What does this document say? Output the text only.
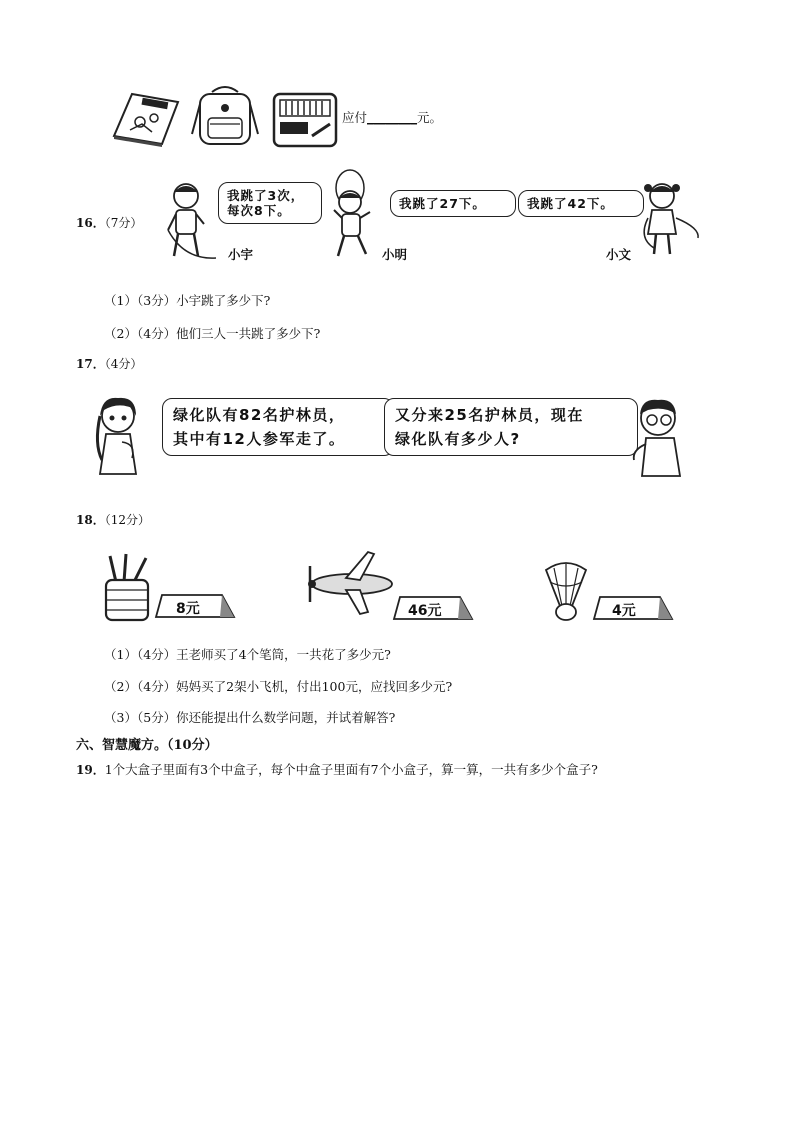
应付________元。
16．（7分）
我跳了3次，
每次8下。
小宇
我跳了27下。
小明
我跳了42下。
小文
（1）（3分）小宇跳了多少下?
（2）（4分）他们三人一共跳了多少下?
17．（4分）
绿化队有82名护林员，
其中有12人参军走了。
又分来25名护林员，现在
绿化队有多少人?
18．（12分）
8元	46元	4元
（1）（4分）王老师买了4个笔筒，一共花了多少元?
（2）（4分）妈妈买了2架小飞机，付出100元，应找回多少元?
（3）（5分）你还能提出什么数学问题，并试着解答?
六、智慧魔方。（10分）
19．1个大盒子里面有3个中盒子，每个中盒子里面有7个小盒子，算一算，一共有多少个盒子?
